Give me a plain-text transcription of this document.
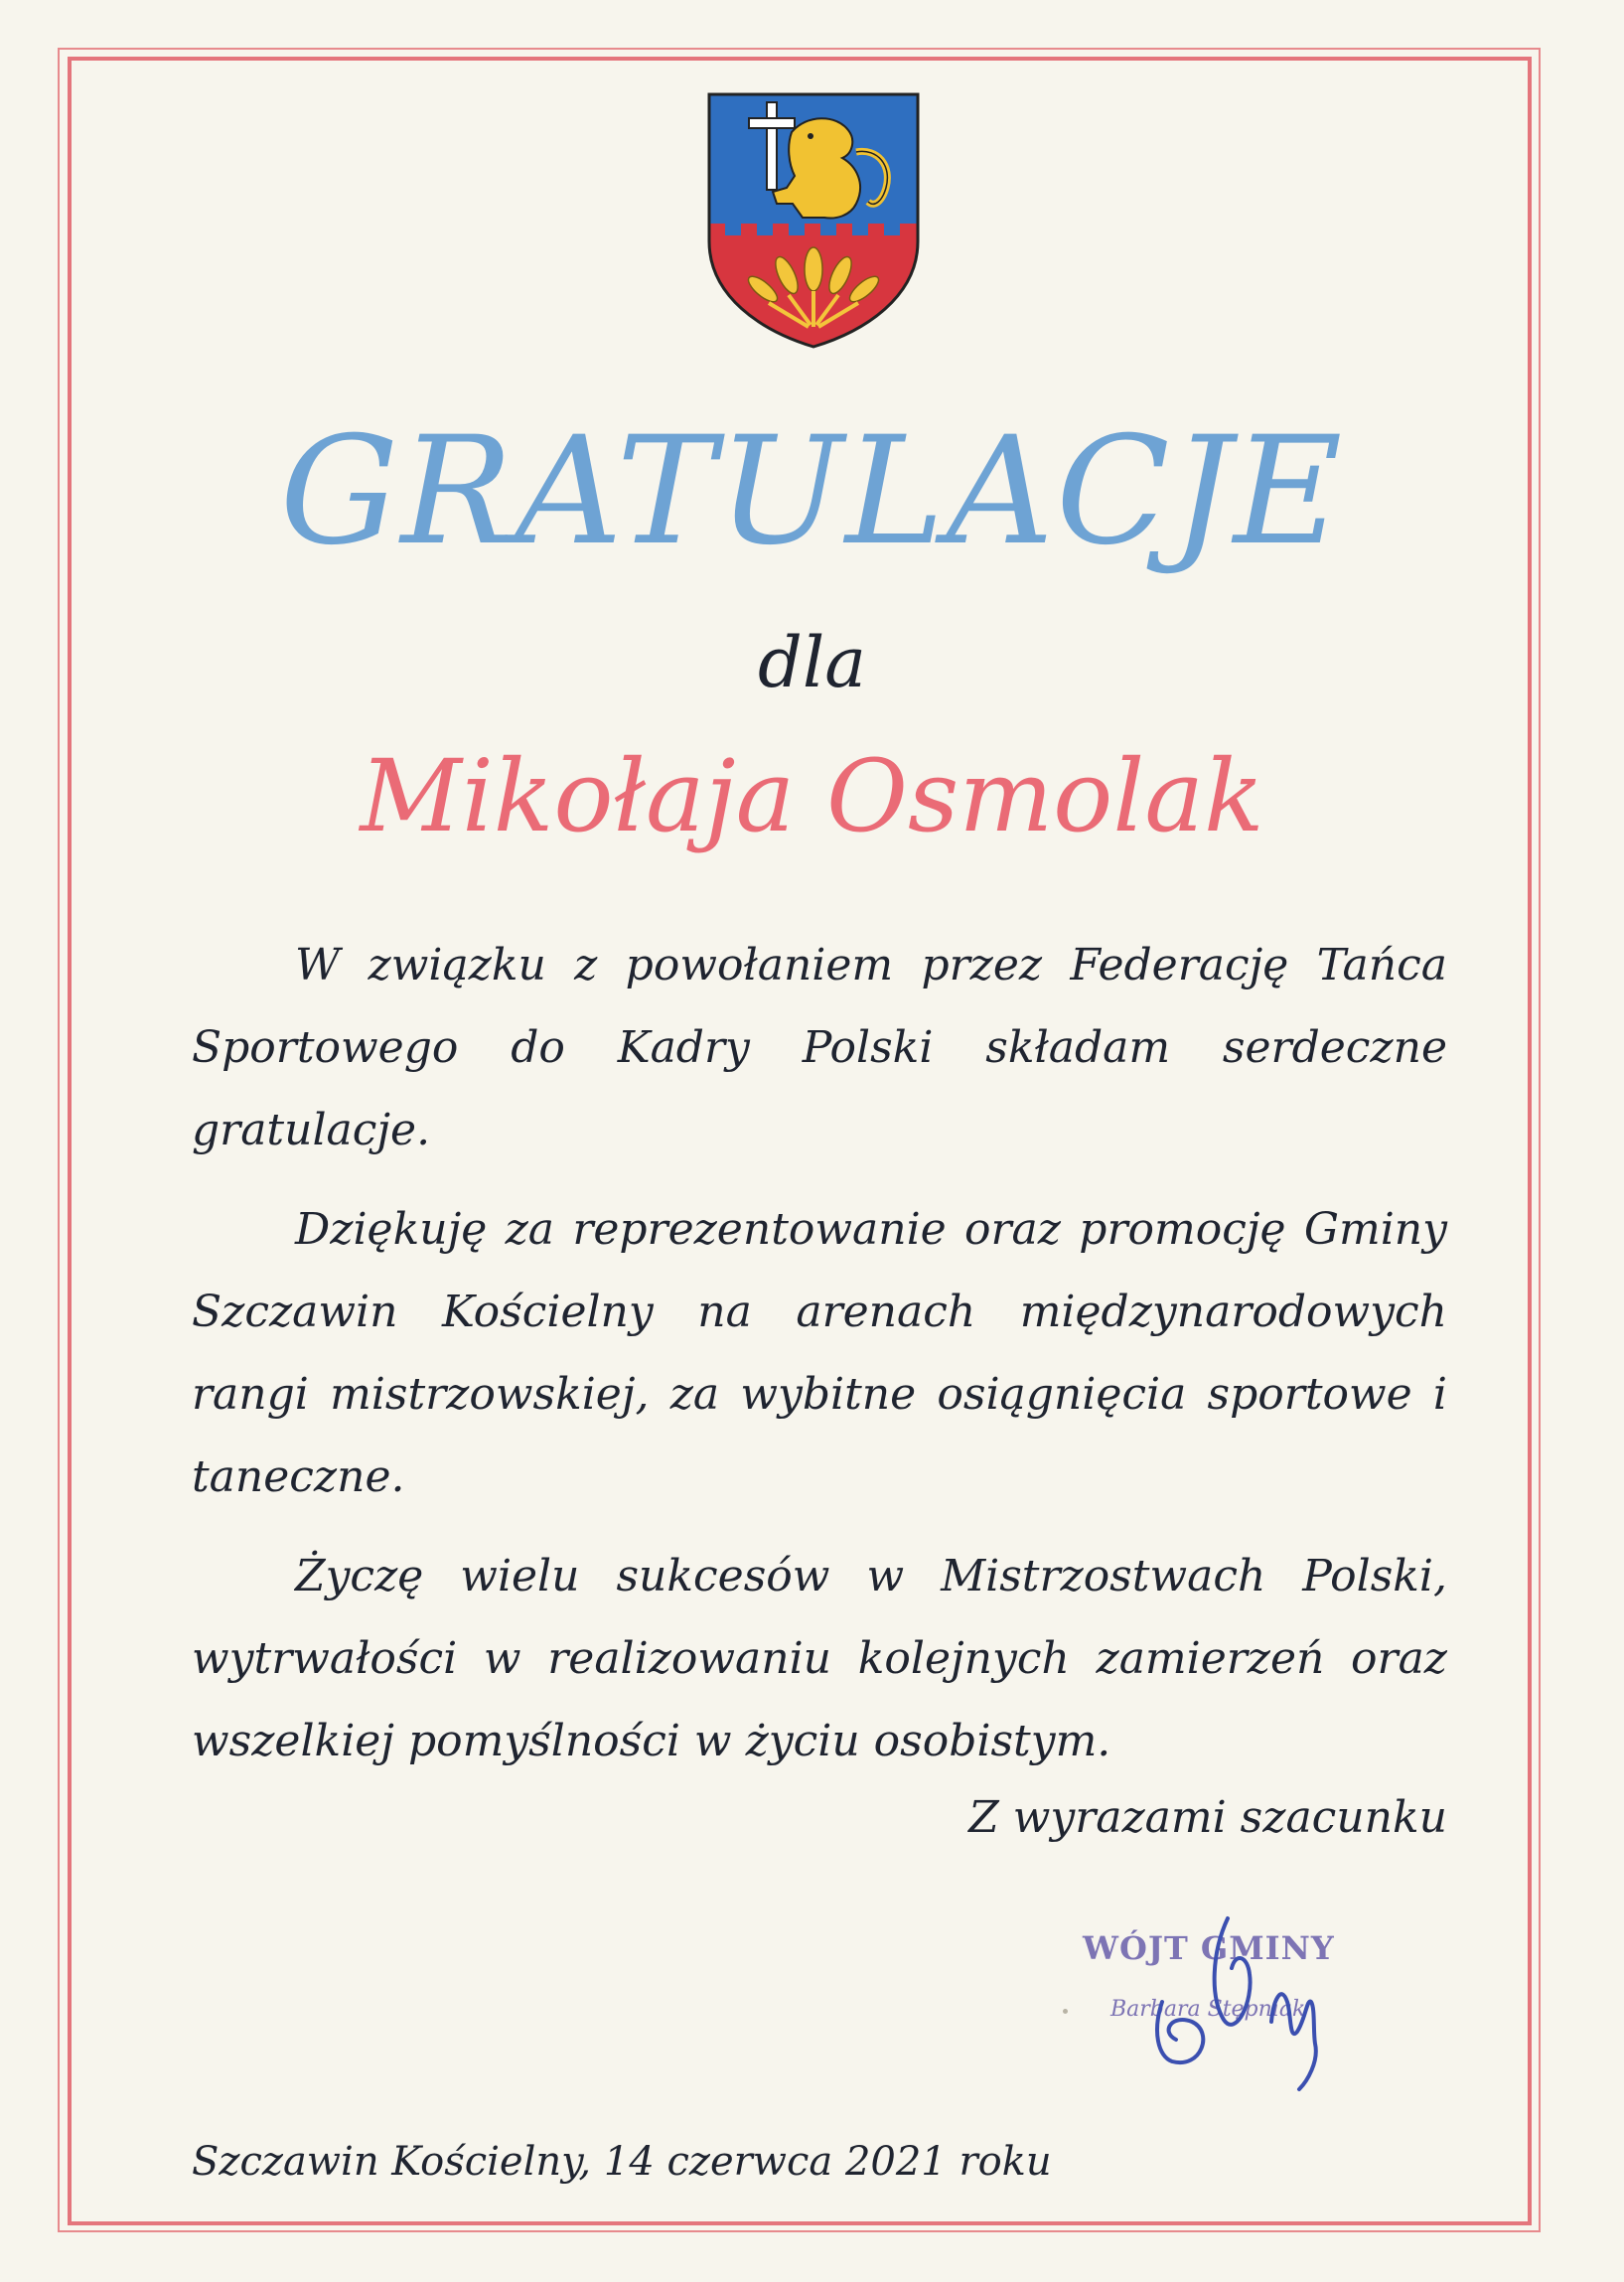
GRATULACJE
dla
Mikołaja Osmolak

W związku z powołaniem przez Federację Tańca Sportowego do Kadry Polski składam serdeczne gratulacje.

Dziękuję za reprezentowanie oraz promocję Gminy Szczawin Kościelny na arenach międzynarodowych rangi mistrzowskiej, za wybitne osiągnięcia sportowe i taneczne.

Życzę wielu sukcesów w Mistrzostwach Polski, wytrwałości w realizowaniu kolejnych zamierzeń oraz wszelkiej pomyślności w życiu osobistym.

Z wyrazami szacunku
WÓJT GMINY
Barbara Stępniak
Szczawin Kościelny, 14 czerwca 2021 roku
